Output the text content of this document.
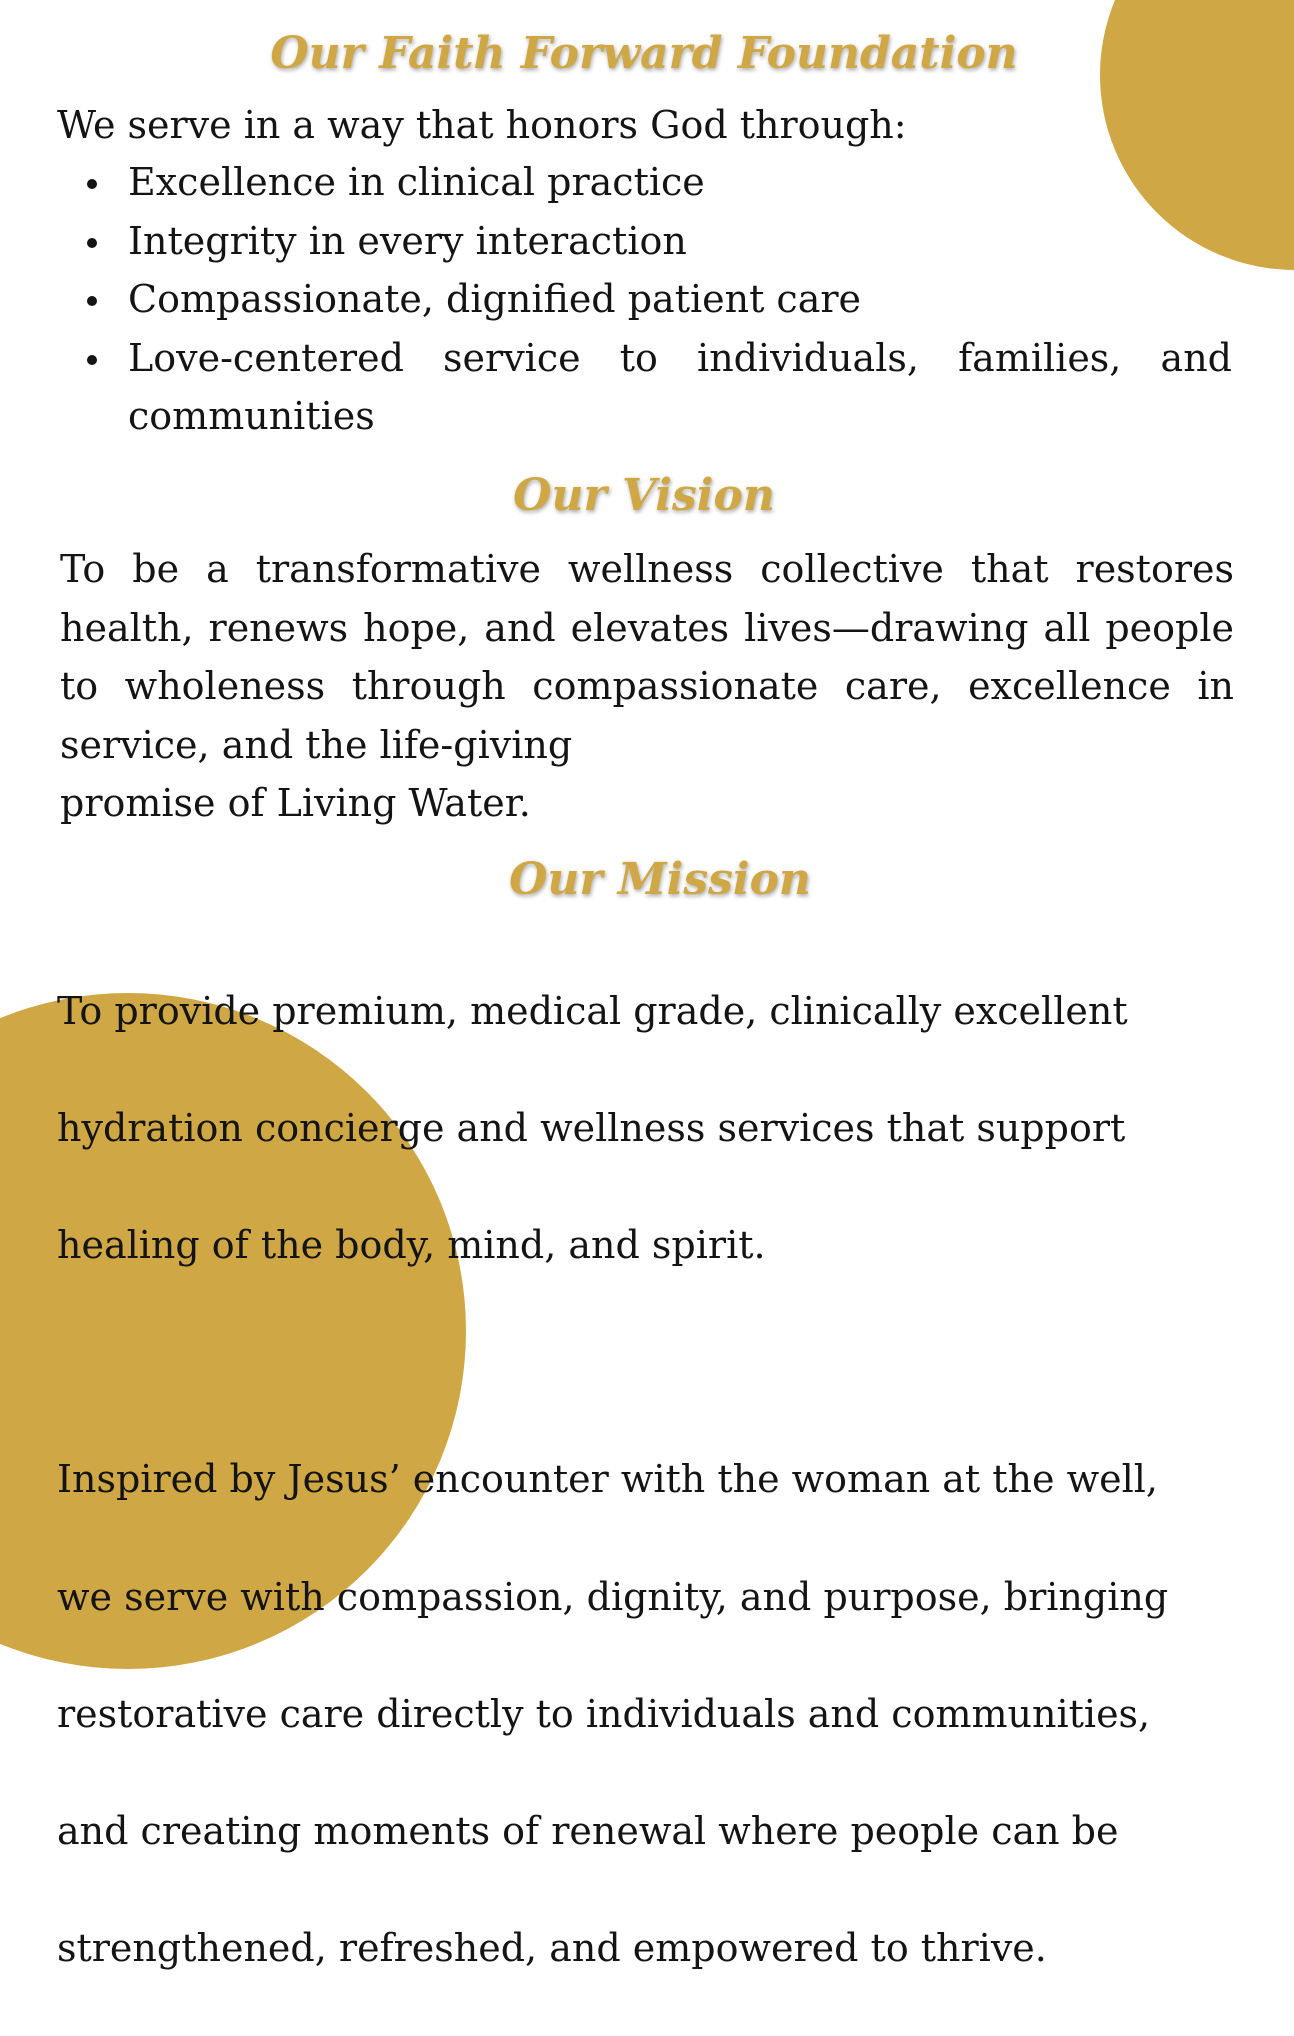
Our Faith Forward Foundation

We serve in a way that honors God through:

Excellence in clinical practice
Integrity in every interaction
Compassionate, dignified patient care
Love-centered service to individuals, families, and communities
Our Vision

To be a transformative wellness collective that restores health, renews hope, and elevates lives—drawing all people to wholeness through compassionate care, excellence in service, and the life-giving
promise of Living Water.

Our Mission

To provide premium, medical grade, clinically excellent

hydration concierge and wellness services that support

healing of the body, mind, and spirit.

Inspired by Jesus’ encounter with the woman at the well,

we serve with compassion, dignity, and purpose, bringing

restorative care directly to individuals and communities,

and creating moments of renewal where people can be

strengthened, refreshed, and empowered to thrive.
